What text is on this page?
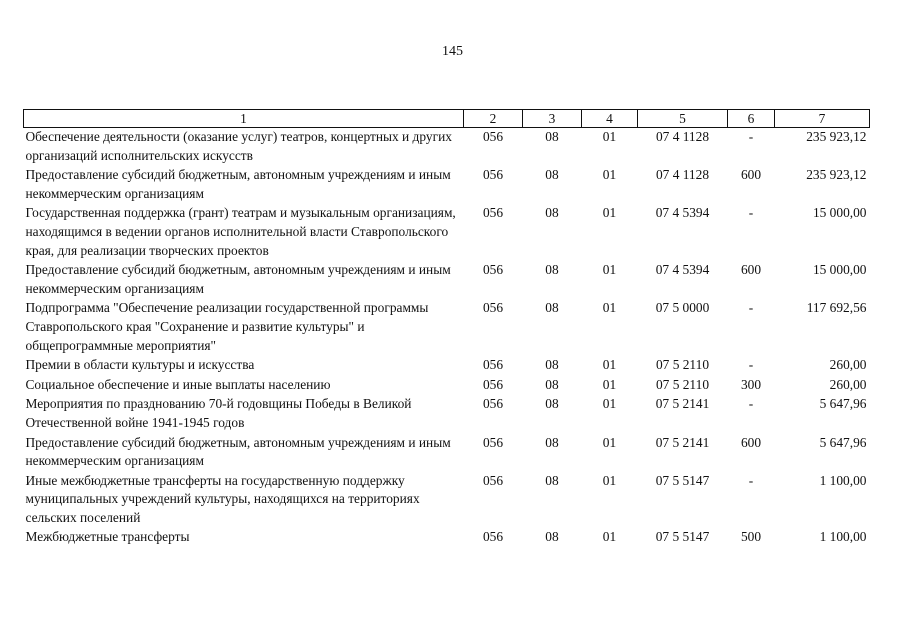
145
1	2	3	4	5	6	7
Обеспечение деятельности (оказание услуг) театров, концертных и других организаций исполнительских искусств	056	08	01	07 4 1128	-	235 923,12
Предоставление субсидий бюджетным, автономным учреждениям и иным некоммерческим организациям	056	08	01	07 4 1128	600	235 923,12
Государственная поддержка (грант) театрам и музыкальным организациям, находящимся в ведении органов исполнительной власти Ставропольского края, для реализации творческих проектов	056	08	01	07 4 5394	-	15 000,00
Предоставление субсидий бюджетным, автономным учреждениям и иным некоммерческим организациям	056	08	01	07 4 5394	600	15 000,00
Подпрограмма "Обеспечение реализации государственной программы Ставропольского края "Сохранение и развитие культуры" и общепрограммные мероприятия"	056	08	01	07 5 0000	-	117 692,56
Премии в области культуры и искусства	056	08	01	07 5 2110	-	260,00
Социальное обеспечение и иные выплаты населению	056	08	01	07 5 2110	300	260,00
Мероприятия по празднованию 70-й годовщины Победы в Великой Отечественной войне 1941-1945 годов	056	08	01	07 5 2141	-	5 647,96
Предоставление субсидий бюджетным, автономным учреждениям и иным некоммерческим организациям	056	08	01	07 5 2141	600	5 647,96
Иные межбюджетные трансферты на государственную поддержку муниципальных учреждений культуры, находящихся на территориях сельских поселений	056	08	01	07 5 5147	-	1 100,00
Межбюджетные трансферты	056	08	01	07 5 5147	500	1 100,00
